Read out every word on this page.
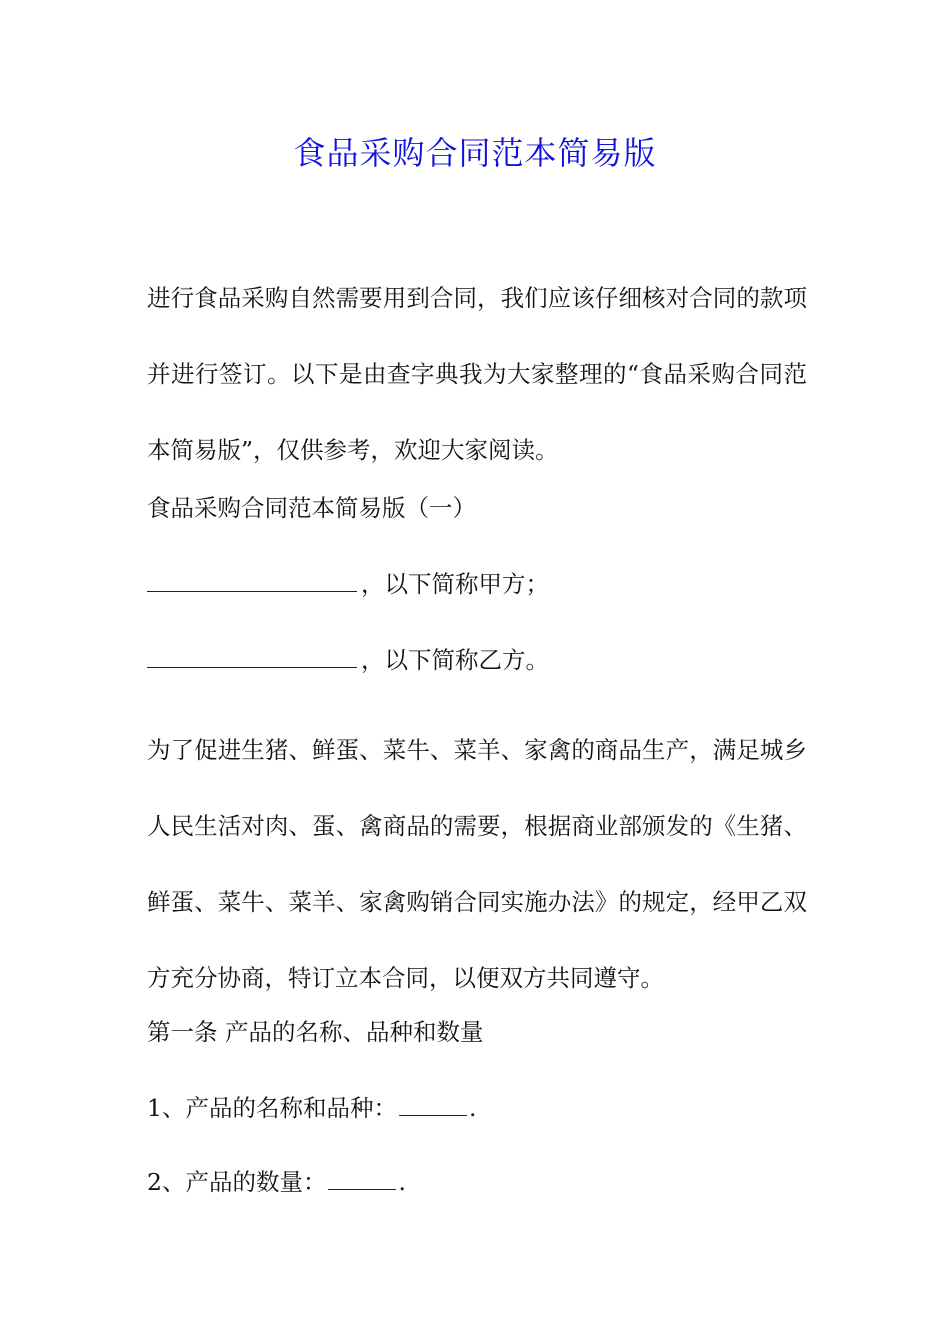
食品采购合同范本简易版

进行食品采购自然需要用到合同，我们应该仔细核对合同的款项并进行签订。以下是由查字典我为大家整理的“食品采购合同范本简易版”，仅供参考，欢迎大家阅读。

食品采购合同范本简易版（一）
，以下简称甲方；
，以下简称乙方。

为了促进生猪、鲜蛋、菜牛、菜羊、家禽的商品生产，满足城乡人民生活对肉、蛋、禽商品的需要，根据商业部颁发的《生猪、鲜蛋、菜牛、菜羊、家禽购销合同实施办法》的规定，经甲乙双方充分协商，特订立本合同，以便双方共同遵守。

第一条 产品的名称、品种和数量
1、产品的名称和品种：	.
2、产品的数量：	.
